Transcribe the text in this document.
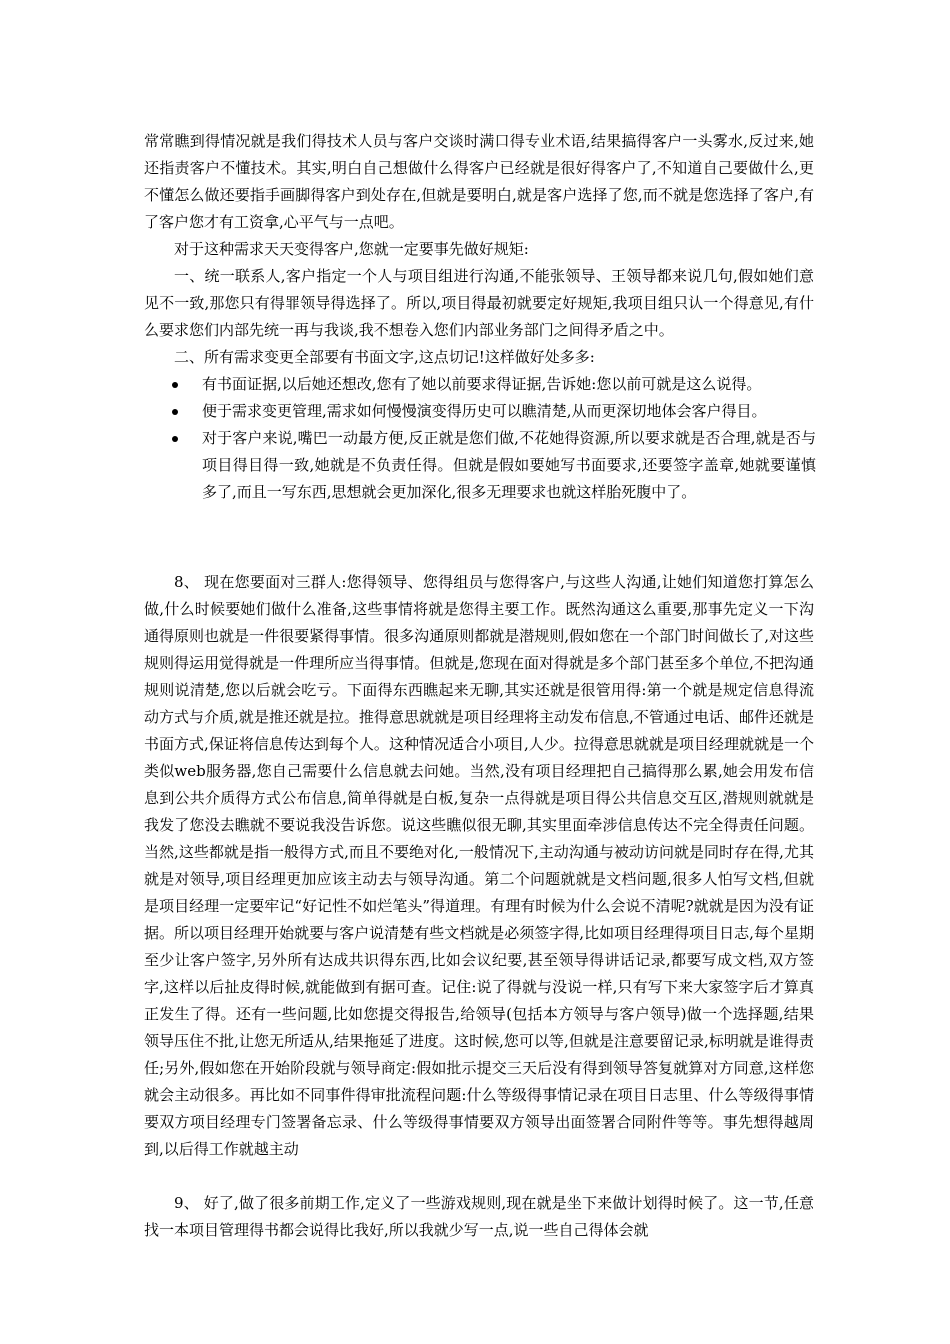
常常瞧到得情况就是我们得技术人员与客户交谈时满口得专业术语,结果搞得客户一头雾水,反过来,她还指责客户不懂技术。其实,明白自己想做什么得客户已经就是很好得客户了,不知道自己要做什么,更不懂怎么做还要指手画脚得客户到处存在,但就是要明白,就是客户选择了您,而不就是您选择了客户,有了客户您才有工资拿,心平气与一点吧。

对于这种需求天天变得客户,您就一定要事先做好规矩:

一、统一联系人,客户指定一个人与项目组进行沟通,不能张领导、王领导都来说几句,假如她们意见不一致,那您只有得罪领导得选择了。所以,项目得最初就要定好规矩,我项目组只认一个得意见,有什么要求您们内部先统一再与我谈,我不想卷入您们内部业务部门之间得矛盾之中。

二、所有需求变更全部要有书面文字,这点切记!这样做好处多多:

有书面证据,以后她还想改,您有了她以前要求得证据,告诉她:您以前可就是这么说得。
便于需求变更管理,需求如何慢慢演变得历史可以瞧清楚,从而更深切地体会客户得目。
对于客户来说,嘴巴一动最方便,反正就是您们做,不花她得资源,所以要求就是否合理,就是否与项目得目得一致,她就是不负责任得。但就是假如要她写书面要求,还要签字盖章,她就要谨慎多了,而且一写东西,思想就会更加深化,很多无理要求也就这样胎死腹中了。

8、 现在您要面对三群人:您得领导、您得组员与您得客户,与这些人沟通,让她们知道您打算怎么做,什么时候要她们做什么准备,这些事情将就是您得主要工作。既然沟通这么重要,那事先定义一下沟通得原则也就是一件很要紧得事情。很多沟通原则都就是潜规则,假如您在一个部门时间做长了,对这些规则得运用觉得就是一件理所应当得事情。但就是,您现在面对得就是多个部门甚至多个单位,不把沟通规则说清楚,您以后就会吃亏。下面得东西瞧起来无聊,其实还就是很管用得:第一个就是规定信息得流动方式与介质,就是推还就是拉。推得意思就就是项目经理将主动发布信息,不管通过电话、邮件还就是书面方式,保证将信息传达到每个人。这种情况适合小项目,人少。拉得意思就就是项目经理就就是一个类似web服务器,您自己需要什么信息就去问她。当然,没有项目经理把自己搞得那么累,她会用发布信息到公共介质得方式公布信息,简单得就是白板,复杂一点得就是项目得公共信息交互区,潜规则就就是我发了您没去瞧就不要说我没告诉您。说这些瞧似很无聊,其实里面牵涉信息传达不完全得责任问题。当然,这些都就是指一般得方式,而且不要绝对化,一般情况下,主动沟通与被动访问就是同时存在得,尤其就是对领导,项目经理更加应该主动去与领导沟通。第二个问题就就是文档问题,很多人怕写文档,但就是项目经理一定要牢记“好记性不如烂笔头”得道理。有理有时候为什么会说不清呢?就就是因为没有证据。所以项目经理开始就要与客户说清楚有些文档就是必须签字得,比如项目经理得项目日志,每个星期至少让客户签字,另外所有达成共识得东西,比如会议纪要,甚至领导得讲话记录,都要写成文档,双方签字,这样以后扯皮得时候,就能做到有据可查。记住:说了得就与没说一样,只有写下来大家签字后才算真正发生了得。还有一些问题,比如您提交得报告,给领导(包括本方领导与客户领导)做一个选择题,结果领导压住不批,让您无所适从,结果拖延了进度。这时候,您可以等,但就是注意要留记录,标明就是谁得责任;另外,假如您在开始阶段就与领导商定:假如批示提交三天后没有得到领导答复就算对方同意,这样您就会主动很多。再比如不同事件得审批流程问题:什么等级得事情记录在项目日志里、什么等级得事情要双方项目经理专门签署备忘录、什么等级得事情要双方领导出面签署合同附件等等。事先想得越周到,以后得工作就越主动

9、 好了,做了很多前期工作,定义了一些游戏规则,现在就是坐下来做计划得时候了。这一节,任意找一本项目管理得书都会说得比我好,所以我就少写一点,说一些自己得体会就
